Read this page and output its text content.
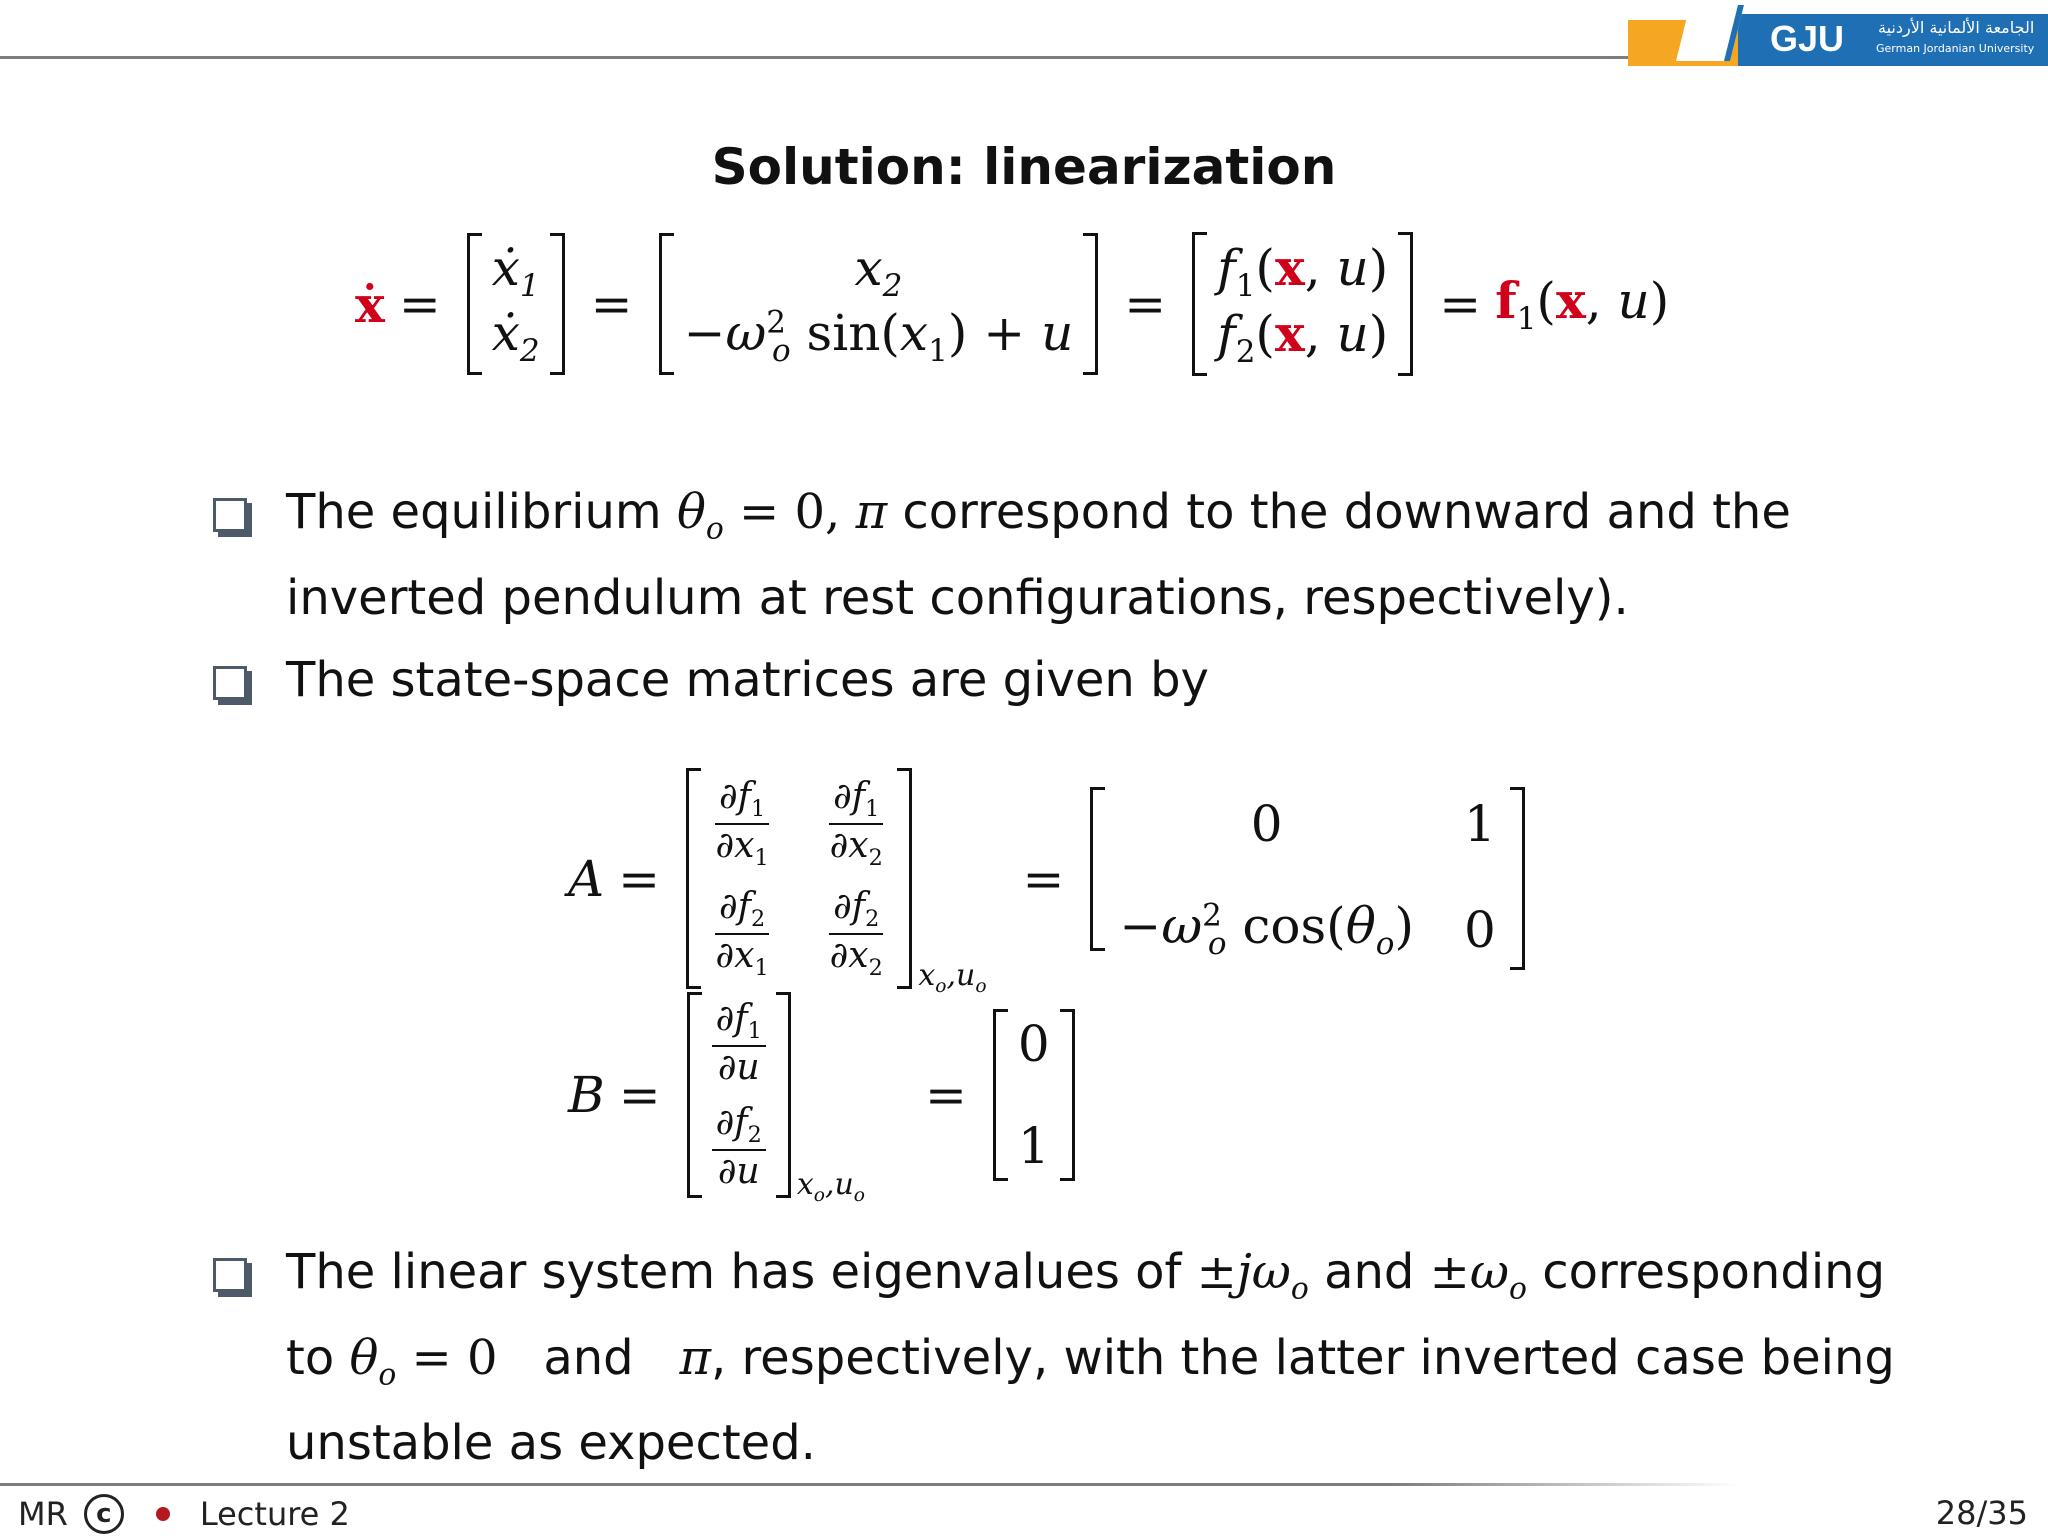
GJU الجامعة الألمانية الأردنية
German Jordanian University
Solution: linearization
ẋ =
ẋ$_1$
ẋ$_2$
=
$x_2$
$-\omega^2_o$ $\sin(x_1) + u$ =
$f_1(x$, u)
$f_2(x$, u)
= $f_1(x$, u)
The equilibrium $\theta_o = 0$, π correspond to the downward and the inverted pendulum at rest configurations, respectively).
The state-space matrices are given by
A =
$\frac{\partial f_1}{\partial x_1} \frac{\partial f_1}{\partial x_2}$
$\frac{\partial f_2}{\partial x_1} \frac{\partial f_2}{\partial x_2} x_o,u_o$
=
0	1
$-\omega^2_o$ $\cos(\theta_o)$ 0
B =
$\frac{\partial f_1}{\partial u}$
$\frac{\partial f_2}{\partial u} x_o,u_o$
=
0
1
The linear system has eigenvalues of $\pm j\omega_o$ and $\pm\omega_o$ corresponding to $\theta_o = 0$ and π, respectively, with the latter inverted case being unstable as expected.
MR	c	Lecture 2	28/35
